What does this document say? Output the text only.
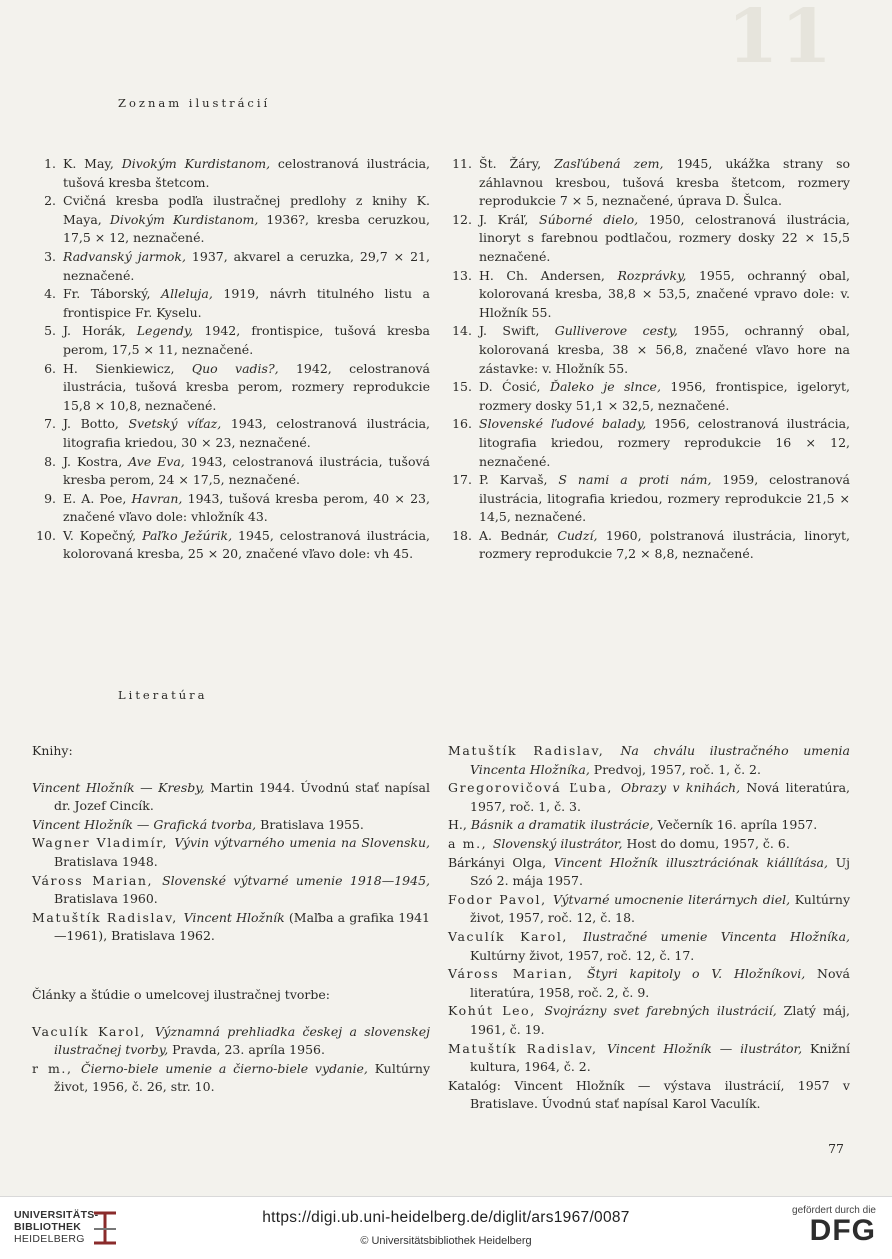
11
Zoznam ilustrácií

1. K. May, Divokým Kurdistanom, celostranová ilustrácia, tušová kresba štetcom.

2. Cvičná kresba podľa ilustračnej predlohy z knihy K. Maya, Divokým Kurdistanom, 1936?, kresba ceruzkou, 17,5 × 12, neznačené.

3. Radvanský jarmok, 1937, akvarel a ceruzka, 29,7 × 21, neznačené.

4. Fr. Táborský, Alleluja, 1919, návrh titulného listu a frontispice Fr. Kyselu.

5. J. Horák, Legendy, 1942, frontispice, tušová kresba perom, 17,5 × 11, neznačené.

6. H. Sienkiewicz, Quo vadis?, 1942, celostranová ilustrácia, tušová kresba perom, rozmery reprodukcie 15,8 × 10,8, neznačené.

7. J. Botto, Svetský víťaz, 1943, celostranová ilustrácia, litografia kriedou, 30 × 23, neznačené.

8. J. Kostra, Ave Eva, 1943, celostranová ilustrácia, tušová kresba perom, 24 × 17,5, neznačené.

9. E. A. Poe, Havran, 1943, tušová kresba perom, 40 × 23, značené vľavo dole: vhložník 43.

10. V. Kopečný, Paľko Ježúrik, 1945, celostranová ilustrácia, kolorovaná kresba, 25 × 20, značené vľavo dole: vh 45.

11. Št. Žáry, Zasľúbená zem, 1945, ukážka strany so záhlavnou kresbou, tušová kresba štetcom, rozmery reprodukcie 7 × 5, neznačené, úprava D. Šulca.

12. J. Kráľ, Súborné dielo, 1950, celostranová ilustrácia, linoryt s farebnou podtlačou, rozmery dosky 22 × 15,5 neznačené.

13. H. Ch. Andersen, Rozprávky, 1955, ochranný obal, kolorovaná kresba, 38,8 × 53,5, značené vpravo dole: v. Hložník 55.

14. J. Swift, Gulliverove cesty, 1955, ochranný obal, kolorovaná kresba, 38 × 56,8, značené vľavo hore na zástavke: v. Hložník 55.

15. D. Ćosić, Ďaleko je slnce, 1956, frontispice, igeloryt, rozmery dosky 51,1 × 32,5, neznačené.

16. Slovenské ľudové balady, 1956, celostranová ilustrácia, litografia kriedou, rozmery reprodukcie 16 × 12, neznačené.

17. P. Karvaš, S nami a proti nám, 1959, celostranová ilustrácia, litografia kriedou, rozmery reprodukcie 21,5 × 14,5, neznačené.

18. A. Bednár, Cudzí, 1960, polstranová ilustrácia, linoryt, rozmery reprodukcie 7,2 × 8,8, neznačené.

Literatúra

Knihy:

Vincent Hložník — Kresby, Martin 1944. Úvodnú stať napísal dr. Jozef Cincík.

Vincent Hložník — Grafická tvorba, Bratislava 1955.

Wagner Vladimír, Vývin výtvarného umenia na Slovensku, Bratislava 1948.

Váross Marian, Slovenské výtvarné umenie 1918—1945, Bratislava 1960.

Matuštík Radislav, Vincent Hložník (Maľba a grafika 1941—1961), Bratislava 1962.

Články a štúdie o umelcovej ilustračnej tvorbe:

Vaculík Karol, Významná prehliadka českej a slovenskej ilustračnej tvorby, Pravda, 23. apríla 1956.

r m., Čierno-biele umenie a čierno-biele vydanie, Kultúrny život, 1956, č. 26, str. 10.

Matuštík Radislav, Na chválu ilustračného umenia Vincenta Hložníka, Predvoj, 1957, roč. 1, č. 2.

Gregorovičová Ľuba, Obrazy v knihách, Nová literatúra, 1957, roč. 1, č. 3.

H., Básnik a dramatik ilustrácie, Večerník 16. apríla 1957.

a m., Slovenský ilustrátor, Host do domu, 1957, č. 6.

Bárkányi Olga, Vincent Hložník illusztrációnak kiállítása, Uj Szó 2. mája 1957.

Fodor Pavol, Výtvarné umocnenie literárnych diel, Kultúrny život, 1957, roč. 12, č. 18.

Vaculík Karol, Ilustračné umenie Vincenta Hložníka, Kultúrny život, 1957, roč. 12, č. 17.

Váross Marian, Štyri kapitoly o V. Hložníkovi, Nová literatúra, 1958, roč. 2, č. 9.

Kohút Leo, Svojrázny svet farebných ilustrácií, Zlatý máj, 1961, č. 19.

Matuštík Radislav, Vincent Hložník — ilustrátor, Knižní kultura, 1964, č. 2.

Katalóg: Vincent Hložník — výstava ilustrácií, 1957 v Bratislave. Úvodnú stať napísal Karol Vaculík.

77
UNIVERSITÄTS-
BIBLIOTHEK
HEIDELBERG
https://digi.ub.uni-heidelberg.de/diglit/ars1967/0087
© Universitätsbibliothek Heidelberg
gefördert durch die
DFG
